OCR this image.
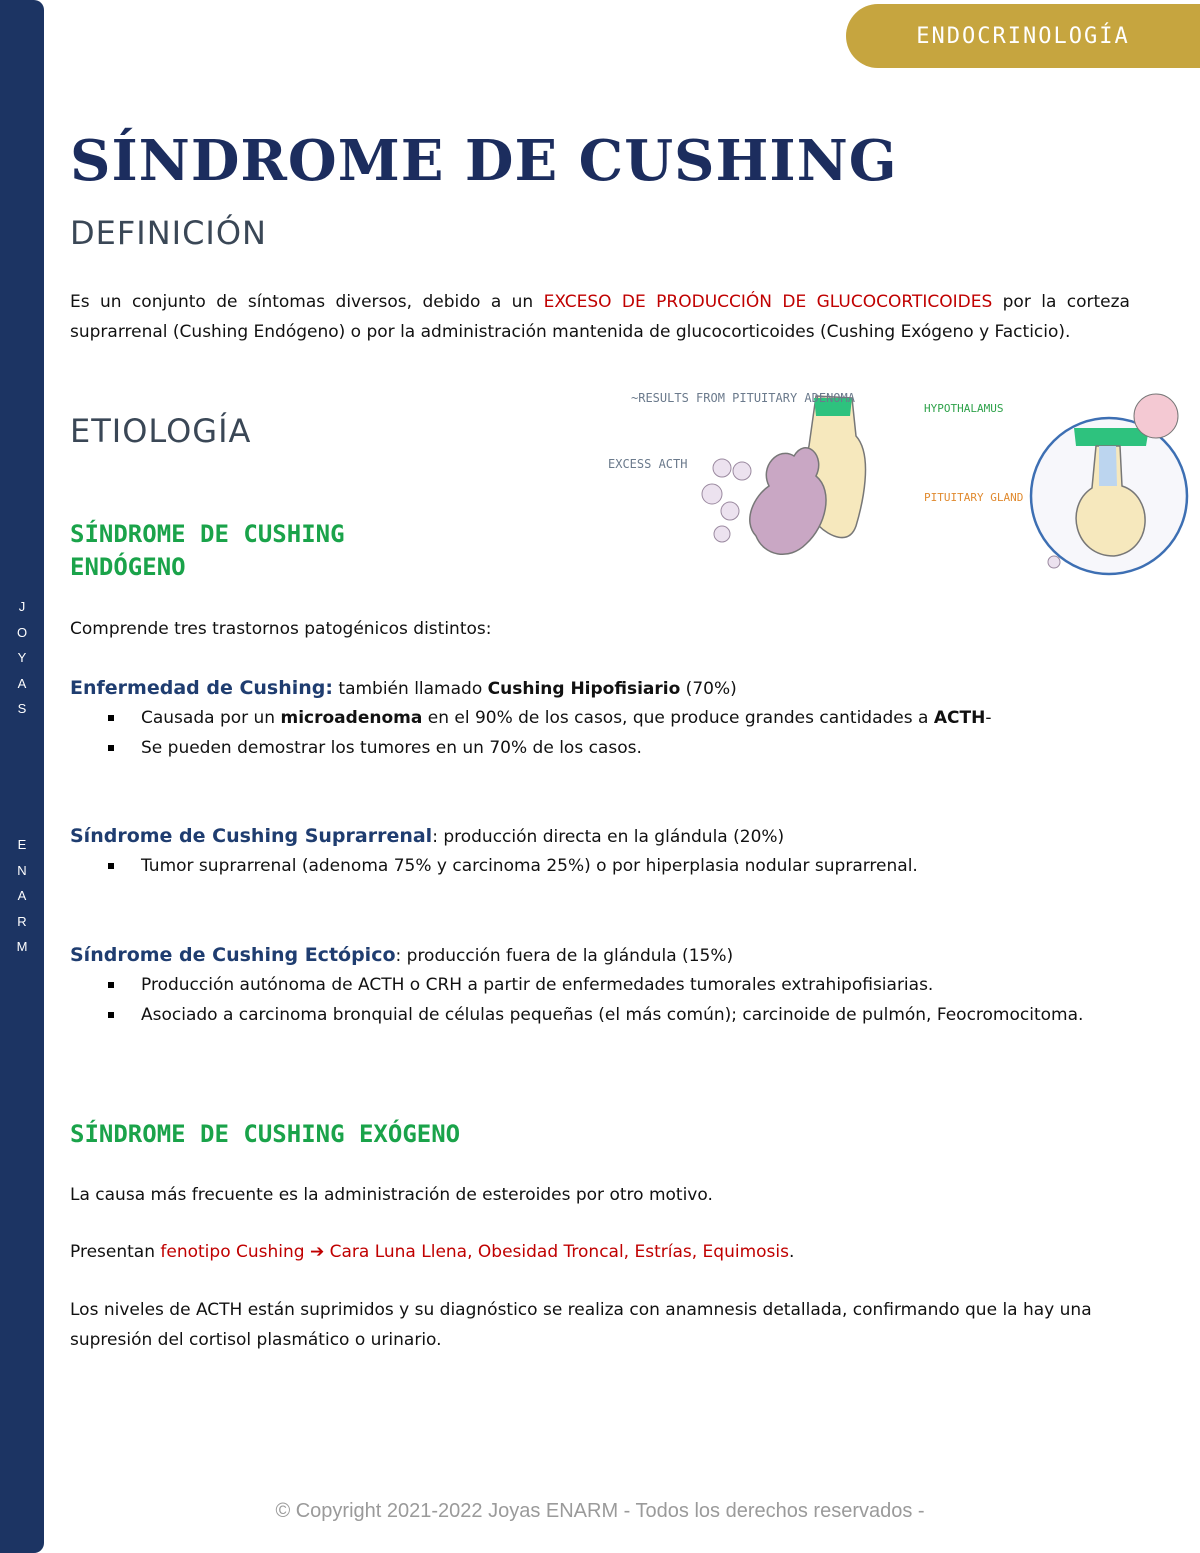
J
O
Y
A
S
E
N
A
R
M
ENDOCRINOLOGÍA
SÍNDROME DE CUSHING
DEFINICIÓN

Es un conjunto de síntomas diversos, debido a un EXCESO DE PRODUCCIÓN DE GLUCOCORTICOIDES por la corteza suprarrenal (Cushing Endógeno) o por la administración mantenida de glucocorticoides (Cushing Exógeno y Facticio).

ETIOLOGÍA
~RESULTS FROM PITUITARY ADENOMA
EXCESS ACTH
HYPOTHALAMUS
PITUITARY GLAND
SÍNDROME DE CUSHING
ENDÓGENO

Comprende tres trastornos patogénicos distintos:

Enfermedad de Cushing: también llamado Cushing Hipofisiario (70%)

Causada por un microadenoma en el 90% de los casos, que produce grandes cantidades a ACTH-
Se pueden demostrar los tumores en un 70% de los casos.

Síndrome de Cushing Suprarrenal: producción directa en la glándula (20%)

Tumor suprarrenal (adenoma 75% y carcinoma 25%) o por hiperplasia nodular suprarrenal.

Síndrome de Cushing Ectópico: producción fuera de la glándula (15%)

Producción autónoma de ACTH o CRH a partir de enfermedades tumorales extrahipofisiarias.
Asociado a carcinoma bronquial de células pequeñas (el más común); carcinoide de pulmón, Feocromocitoma.
SÍNDROME DE CUSHING EXÓGENO

La causa más frecuente es la administración de esteroides por otro motivo.

Presentan fenotipo Cushing ➔ Cara Luna Llena, Obesidad Troncal, Estrías, Equimosis.

Los niveles de ACTH están suprimidos y su diagnóstico se realiza con anamnesis detallada, confirmando que la hay una supresión del cortisol plasmático o urinario.

© Copyright 2021-2022 Joyas ENARM - Todos los derechos reservados -
